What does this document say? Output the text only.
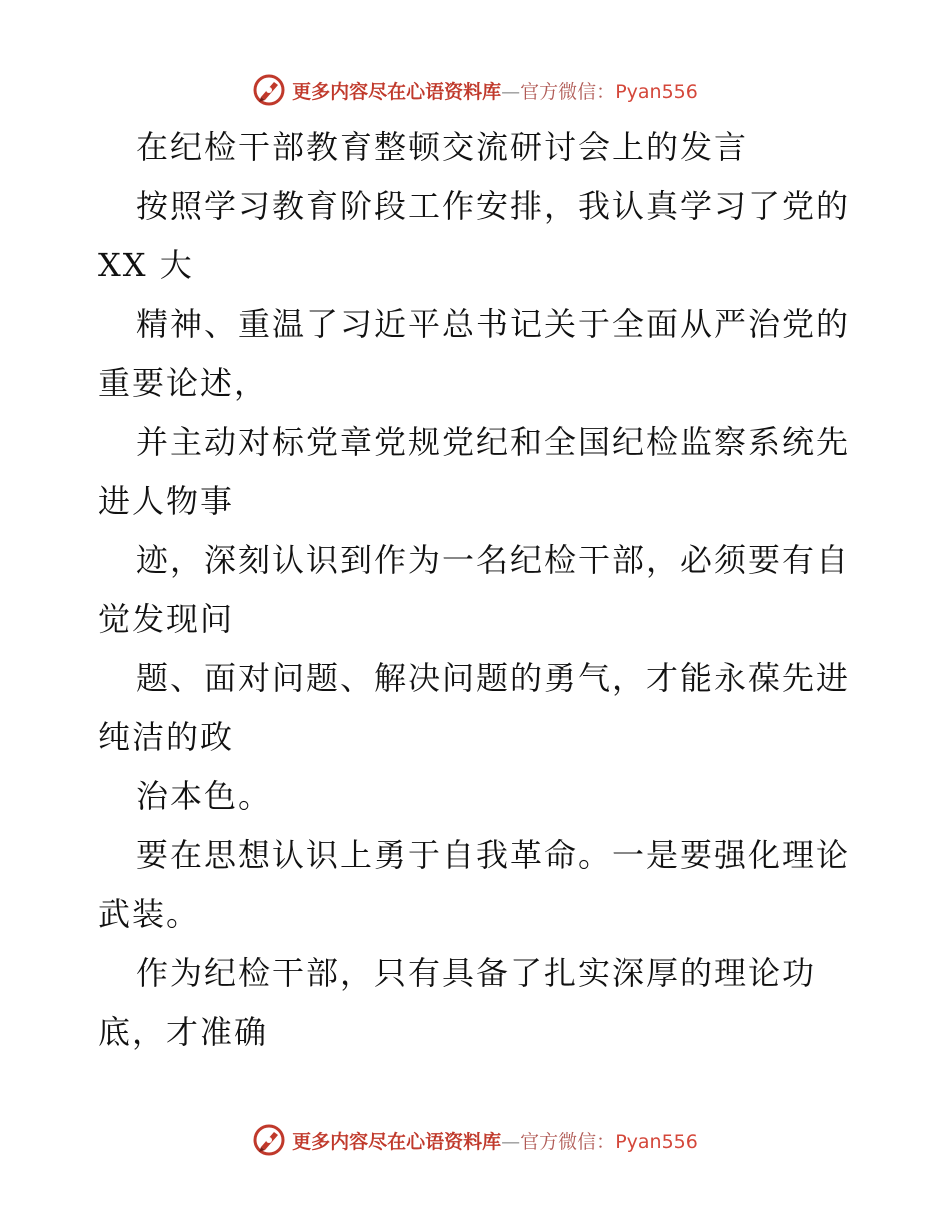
更多内容尽在心语资料库—官方微信：Pyan556
在纪检干部教育整顿交流研讨会上的发言
按照学习教育阶段工作安排，我认真学习了党的
XX 大
精神、重温了习近平总书记关于全面从严治党的
重要论述，
并主动对标党章党规党纪和全国纪检监察系统先
进人物事
迹，深刻认识到作为一名纪检干部，必须要有自
觉发现问
题、面对问题、解决问题的勇气，才能永葆先进
纯洁的政
治本色。
要在思想认识上勇于自我革命。一是要强化理论
武装。
作为纪检干部，只有具备了扎实深厚的理论功
底，才准确
更多内容尽在心语资料库—官方微信：Pyan556
